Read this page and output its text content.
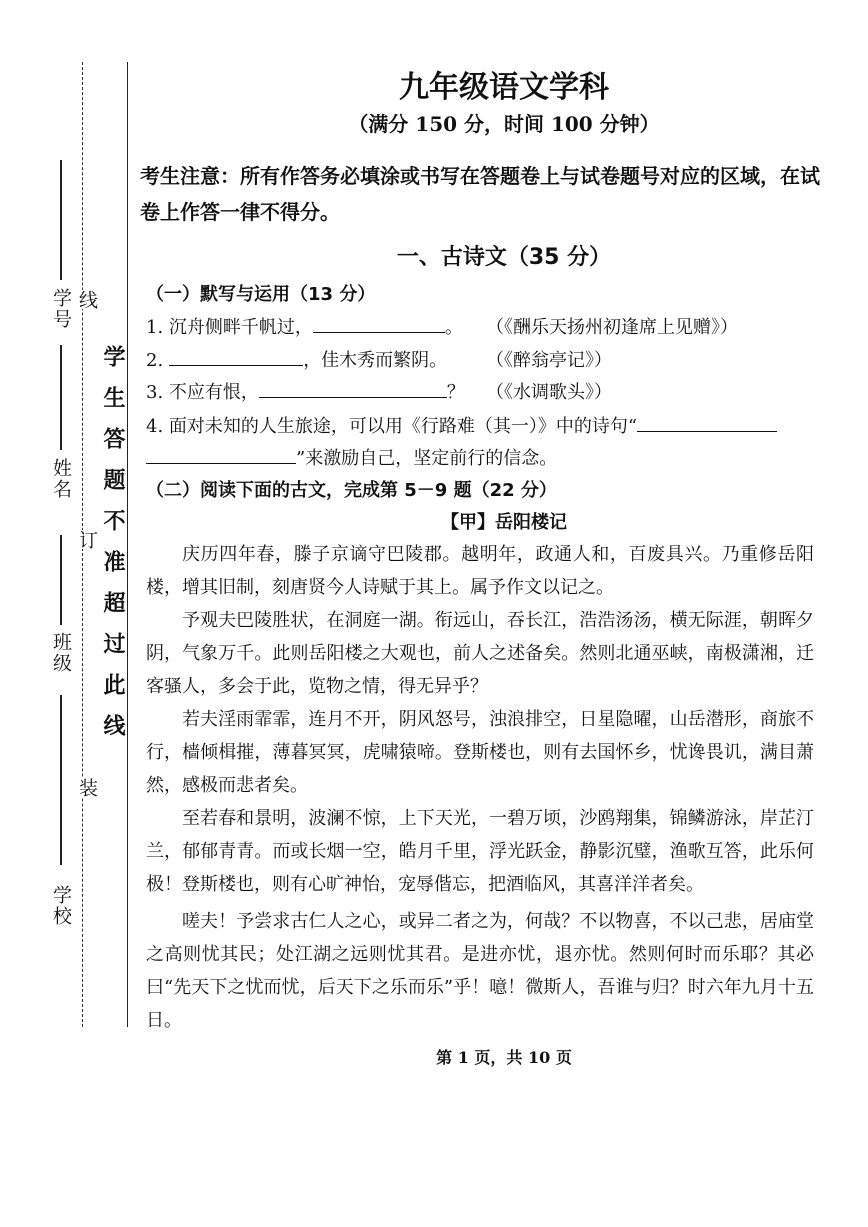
学号
姓名
班级
学校
线
订
装
学生答题不准超过此线
九年级语文学科
（满分 150 分，时间 100 分钟）
考生注意：所有作答务必填涂或书写在答题卷上与试卷题号对应的区域，在试卷上作答一律不得分。
一、古诗文（35 分）
（一）默写与运用（13 分）
1. 沉舟侧畔千帆过，	。 （《酬乐天扬州初逢席上见赠》）
2.	，佳木秀而繁阴。 （《醉翁亭记》）
3. 不应有恨，	？ （《水调歌头》）
4. 面对未知的人生旅途，可以用《行路难（其一）》中的诗句“
”来激励自己，坚定前行的信念。
（二）阅读下面的古文，完成第 5－9 题（22 分）
【甲】岳阳楼记
庆历四年春，滕子京谪守巴陵郡。越明年，政通人和，百废具兴。乃重修岳阳楼，增其旧制，刻唐贤今人诗赋于其上。属予作文以记之。
予观夫巴陵胜状，在洞庭一湖。衔远山，吞长江，浩浩汤汤，横无际涯，朝晖夕阴，气象万千。此则岳阳楼之大观也，前人之述备矣。然则北通巫峡，南极潇湘，迁客骚人，多会于此，览物之情，得无异乎？
若夫淫雨霏霏，连月不开，阴风怒号，浊浪排空，日星隐曜，山岳潜形，商旅不行，樯倾楫摧，薄暮冥冥，虎啸猿啼。登斯楼也，则有去国怀乡，忧谗畏讥，满目萧然，感极而悲者矣。
至若春和景明，波澜不惊，上下天光，一碧万顷，沙鸥翔集，锦鳞游泳，岸芷汀兰，郁郁青青。而或长烟一空，皓月千里，浮光跃金，静影沉璧，渔歌互答，此乐何极！登斯楼也，则有心旷神怡，宠辱偕忘，把酒临风，其喜洋洋者矣。
嗟夫！予尝求古仁人之心，或异二者之为，何哉？不以物喜，不以己悲，居庙堂之高则忧其民；处江湖之远则忧其君。是进亦忧，退亦忧。然则何时而乐耶？其必曰“先天下之忧而忧，后天下之乐而乐”乎！噫！微斯人，吾谁与归？时六年九月十五日。
第 1 页，共 10 页
